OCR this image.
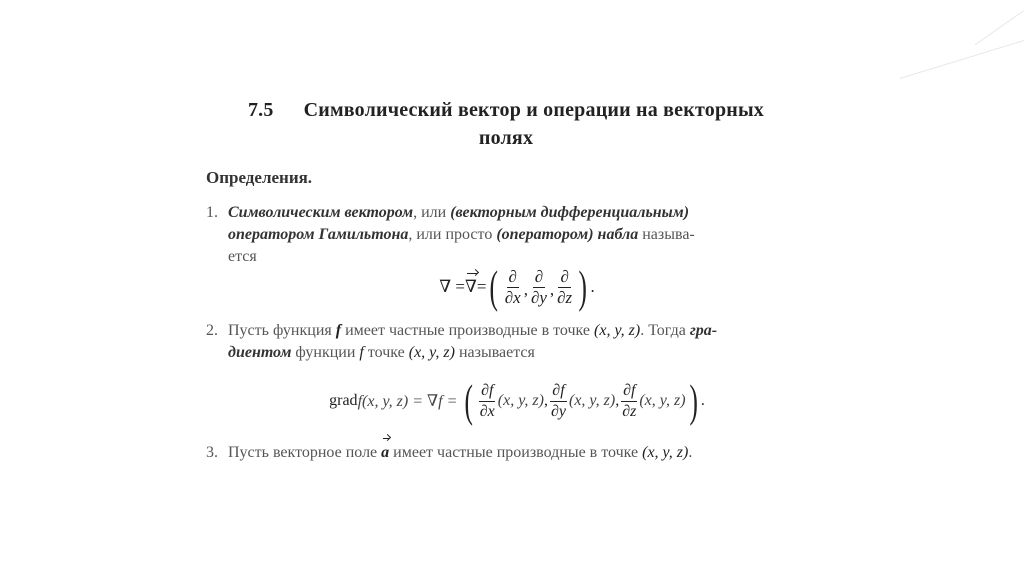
7.5 Символический вектор и операции на векторных
полях
Определения.
1. Символическим вектором, или (векторным дифференциальным)
оператором Гамильтона, или просто (оператором) набла называ-
ется
∇ = ∇ = ( $\frac{\partial}{\partial x}$ , $\frac{\partial}{\partial y}$ , $\frac{\partial}{\partial z}$ ) .
2. Пусть функция f имеет частные производные в точке (x, y, z). Тогда гра-
диентом функции f точке (x, y, z) называется
grad f(x, y, z) = ∇f = ( $\frac{\partial f}{\partial x} (x$, y, z) , $\frac{\partial f}{\partial y} (x$, y, z) , $\frac{\partial f}{\partial z} (x$, y, z) ) .
3. Пусть векторное поле a имеет частные производные в точке (x, y, z).
